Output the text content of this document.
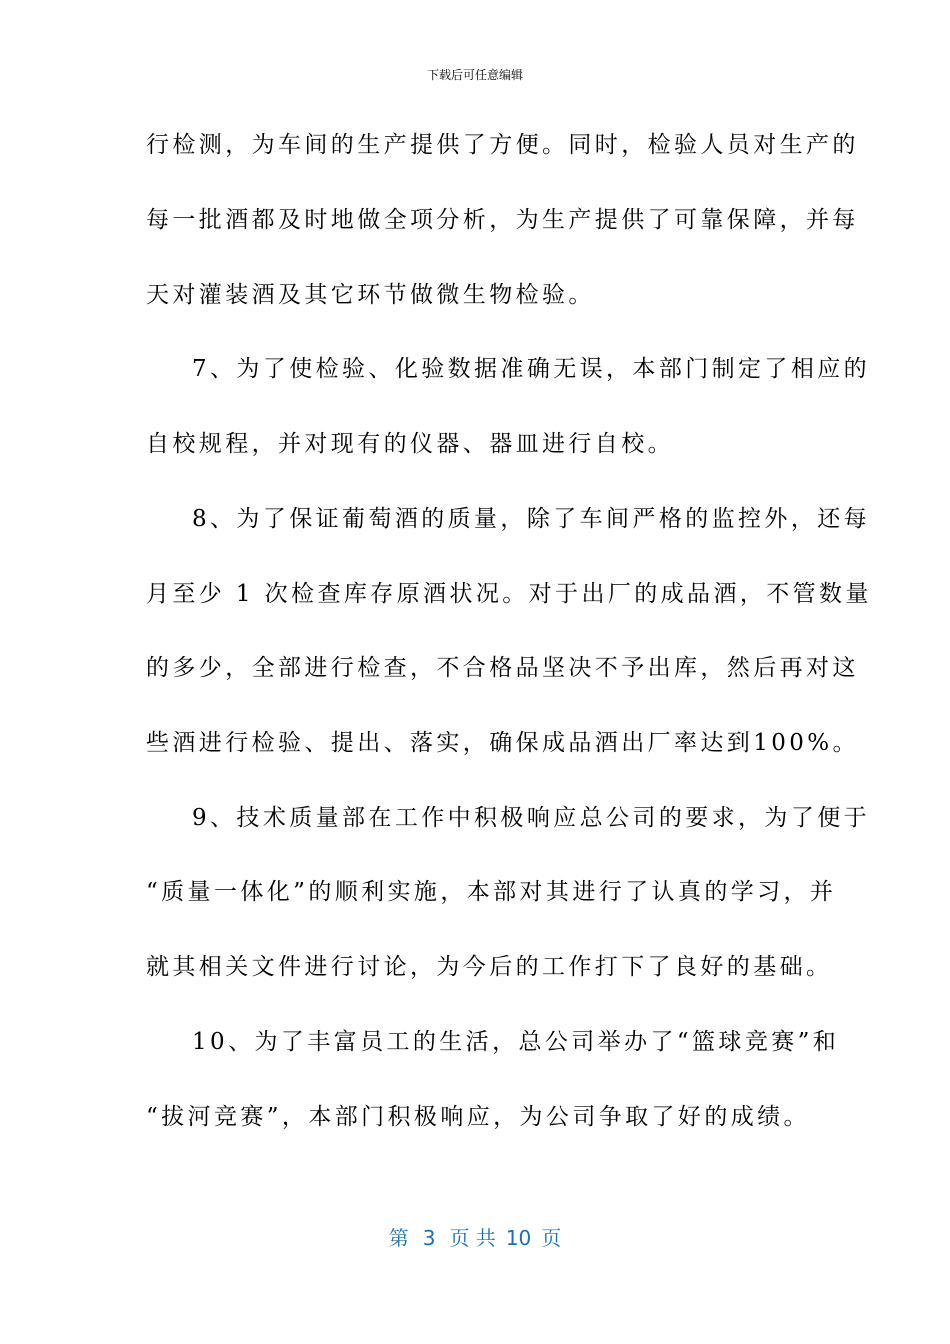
下载后可任意编辑
行检测，为车间的生产提供了方便。同时，检验人员对生产的
每一批酒都及时地做全项分析，为生产提供了可靠保障，并每
天对灌装酒及其它环节做微生物检验。
7、为了使检验、化验数据准确无误，本部门制定了相应的
自校规程，并对现有的仪器、器皿进行自校。
8、为了保证葡萄酒的质量，除了车间严格的监控外，还每
月至少 1 次检查库存原酒状况。对于出厂的成品酒，不管数量
的多少，全部进行检查，不合格品坚决不予出库，然后再对这
些酒进行检验、提出、落实，确保成品酒出厂率达到100%。
9、技术质量部在工作中积极响应总公司的要求，为了便于
“质量一体化”的顺利实施，本部对其进行了认真的学习，并
就其相关文件进行讨论，为今后的工作打下了良好的基础。
10、为了丰富员工的生活，总公司举办了“篮球竞赛”和
“拔河竞赛”，本部门积极响应，为公司争取了好的成绩。
第 3 页 共 10 页
